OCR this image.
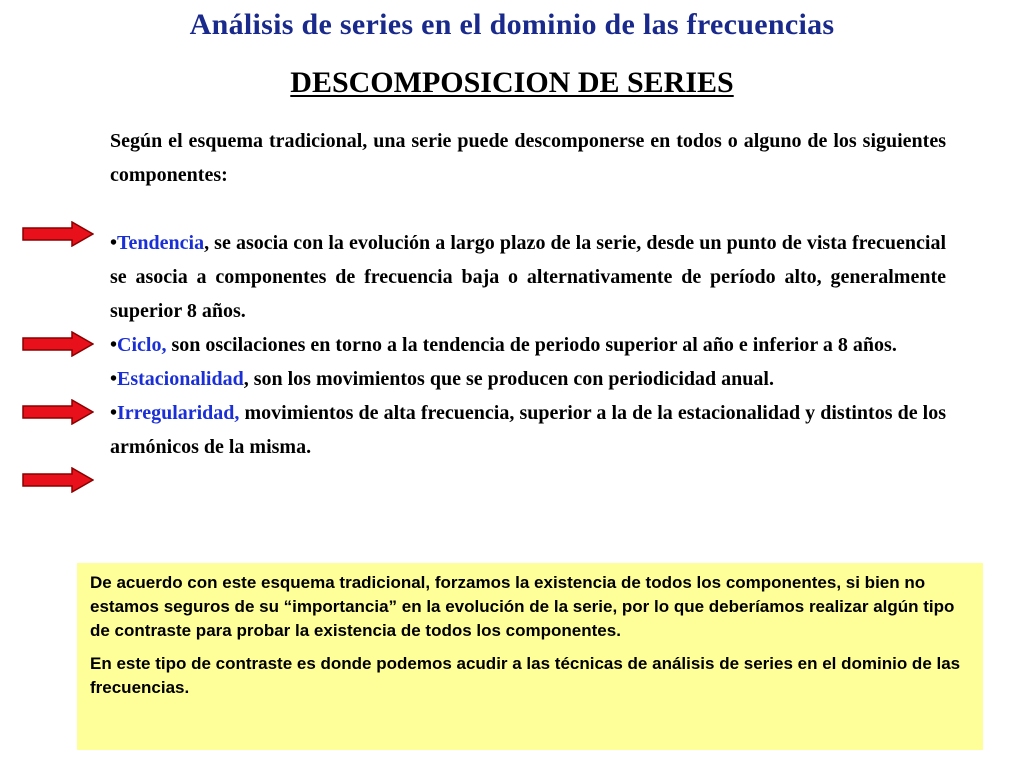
Análisis de series en el dominio de las frecuencias
DESCOMPOSICION DE SERIES

Según el esquema tradicional, una serie puede descomponerse en todos o alguno de los siguientes componentes:

•Tendencia, se asocia con la evolución a largo plazo de la serie, desde un punto de vista frecuencial se asocia a componentes de frecuencia baja o alternativamente de período alto, generalmente superior 8 años.

•Ciclo, son oscilaciones en torno a la tendencia de periodo superior al año e inferior a 8 años.

•Estacionalidad, son los movimientos que se producen con periodicidad anual.

•Irregularidad, movimientos de alta frecuencia, superior a la de la estacionalidad y distintos de los armónicos de la misma.

De acuerdo con este esquema tradicional, forzamos la existencia de todos los componentes, si bien no estamos seguros de su “importancia” en la evolución de la serie, por lo que deberíamos realizar algún tipo de contraste para probar la existencia de todos los componentes.

En este tipo de contraste es donde podemos acudir a las técnicas de análisis de series en el dominio de las frecuencias.
